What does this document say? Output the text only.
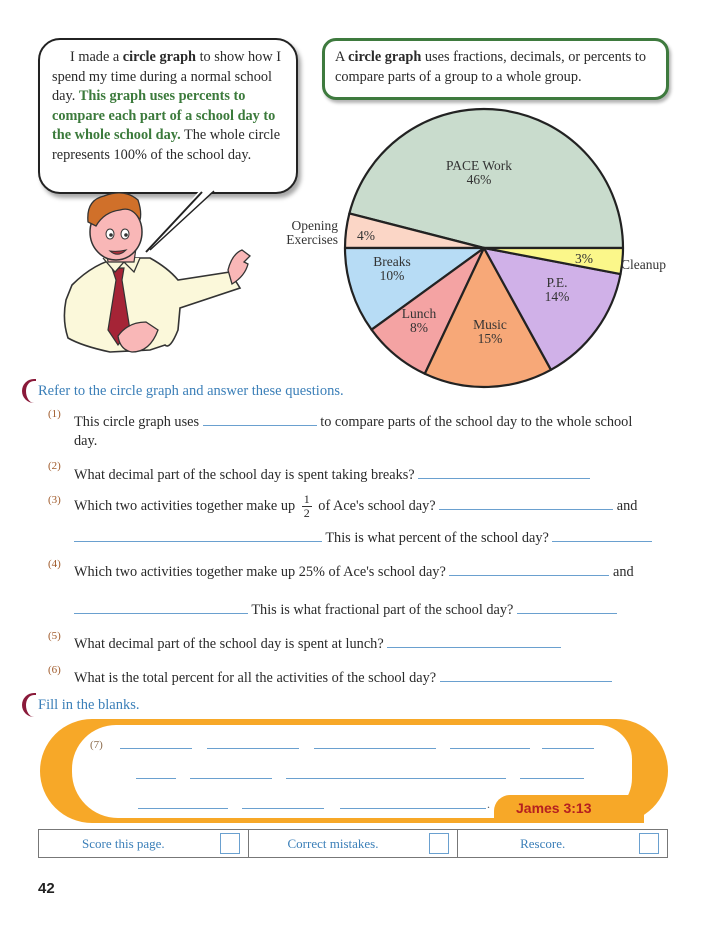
I made a circle graph to show how I spend my time during a normal school day. This graph uses percents to compare each part of a school day to the whole school day. The whole circle represents 100% of the school day.
A circle graph uses fractions, decimals, or percents to compare parts of a group to a whole group.
PACE Work
46%
4%
Breaks
10%
Lunch
8%	Music
15%
P.E.
14%
3%
Opening
Exercises
Cleanup
Refer to the circle graph and answer these questions.
(1) This circle graph uses	to compare parts of the school day to the whole school
day.
(2)
What decimal part of the school day is spent taking breaks?
(3) Which two activities together make up $\frac{1}{2}$ of Ace's school day?	and
This is what percent of the school day?
(4) Which two activities together make up 25% of Ace's school day?	and
This is what fractional part of the school day?
(5) What decimal part of the school day is spent at lunch?
(6) What is the total percent for all the activities of the school day?
Fill in the blanks.
James 3:13
(7)
.
Score this page.	Correct mistakes.	Rescore.
42
